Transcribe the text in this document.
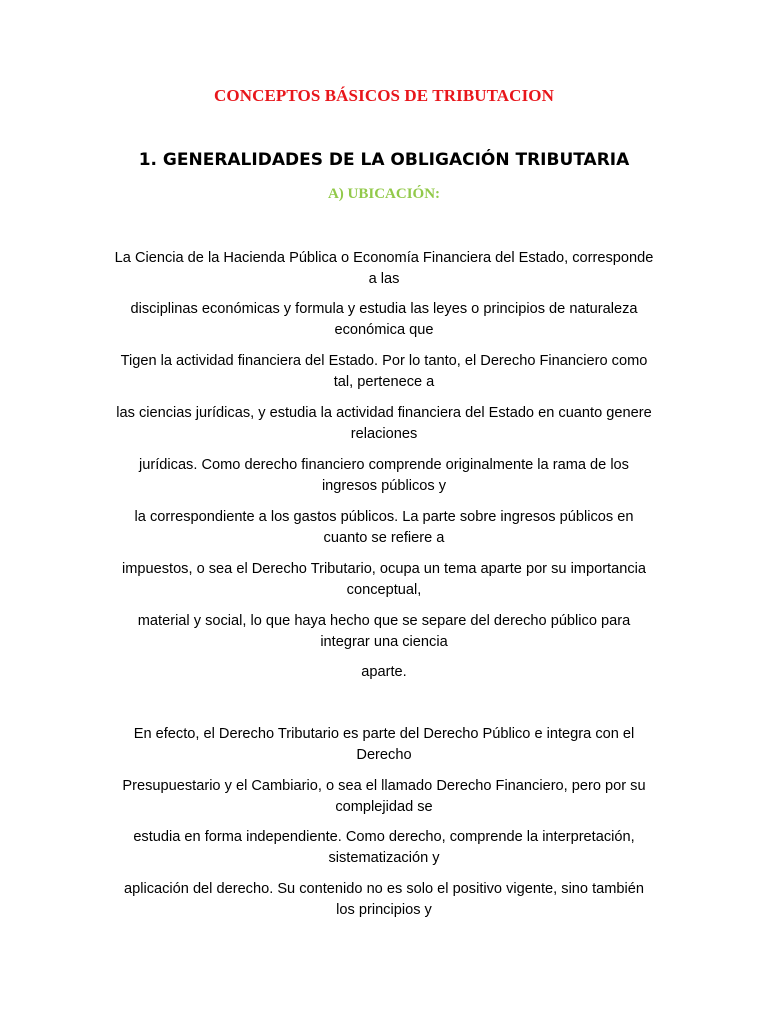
CONCEPTOS BÁSICOS DE TRIBUTACION
1. GENERALIDADES DE LA OBLIGACIÓN TRIBUTARIA
A) UBICACIÓN:
La Ciencia de la Hacienda Pública o Economía Financiera del Estado, corresponde
a las
disciplinas económicas y formula y estudia las leyes o principios de naturaleza
económica que
Tigen la actividad financiera del Estado. Por lo tanto, el Derecho Financiero como
tal, pertenece a
las ciencias jurídicas, y estudia la actividad financiera del Estado en cuanto genere
relaciones
jurídicas. Como derecho financiero comprende originalmente la rama de los
ingresos públicos y
la correspondiente a los gastos públicos. La parte sobre ingresos públicos en
cuanto se refiere a
impuestos, o sea el Derecho Tributario, ocupa un tema aparte por su importancia
conceptual,
material y social, lo que haya hecho que se separe del derecho público para
integrar una ciencia
aparte.
En efecto, el Derecho Tributario es parte del Derecho Público e integra con el
Derecho
Presupuestario y el Cambiario, o sea el llamado Derecho Financiero, pero por su
complejidad se
estudia en forma independiente. Como derecho, comprende la interpretación,
sistematización y
aplicación del derecho. Su contenido no es solo el positivo vigente, sino también
los principios y
